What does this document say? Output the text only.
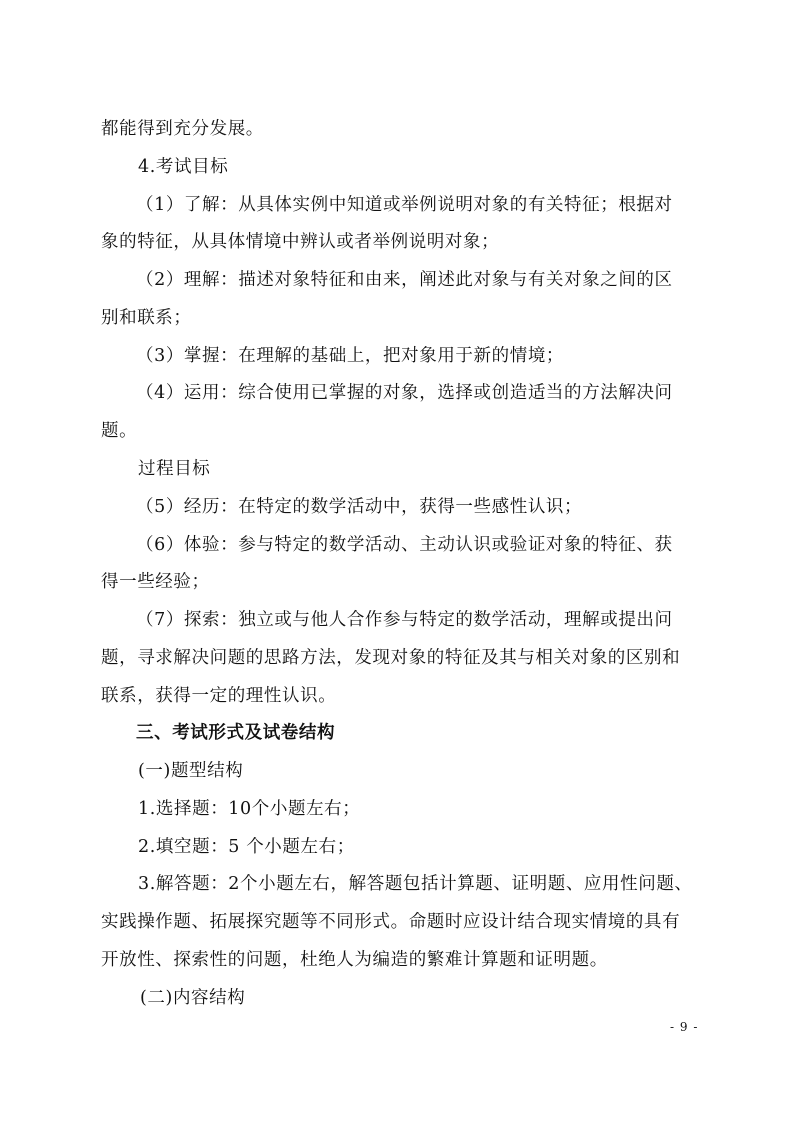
都能得到充分发展。
4.考试目标
（1）了解：从具体实例中知道或举例说明对象的有关特征；根据对
象的特征，从具体情境中辨认或者举例说明对象；
（2）理解：描述对象特征和由来，阐述此对象与有关对象之间的区
别和联系；
（3）掌握：在理解的基础上，把对象用于新的情境；
（4）运用：综合使用已掌握的对象，选择或创造适当的方法解决问
题。
过程目标
（5）经历：在特定的数学活动中，获得一些感性认识；
（6）体验：参与特定的数学活动、主动认识或验证对象的特征、获
得一些经验；
（7）探索：独立或与他人合作参与特定的数学活动，理解或提出问
题，寻求解决问题的思路方法，发现对象的特征及其与相关对象的区别和
联系，获得一定的理性认识。
三、考试形式及试卷结构
(一)题型结构
1.选择题：10个小题左右；
2.填空题：5 个小题左右；
3.解答题：2个小题左右，解答题包括计算题、证明题、应用性问题、
实践操作题、拓展探究题等不同形式。命题时应设计结合现实情境的具有
开放性、探索性的问题，杜绝人为编造的繁难计算题和证明题。
(二)内容结构
- 9 -
